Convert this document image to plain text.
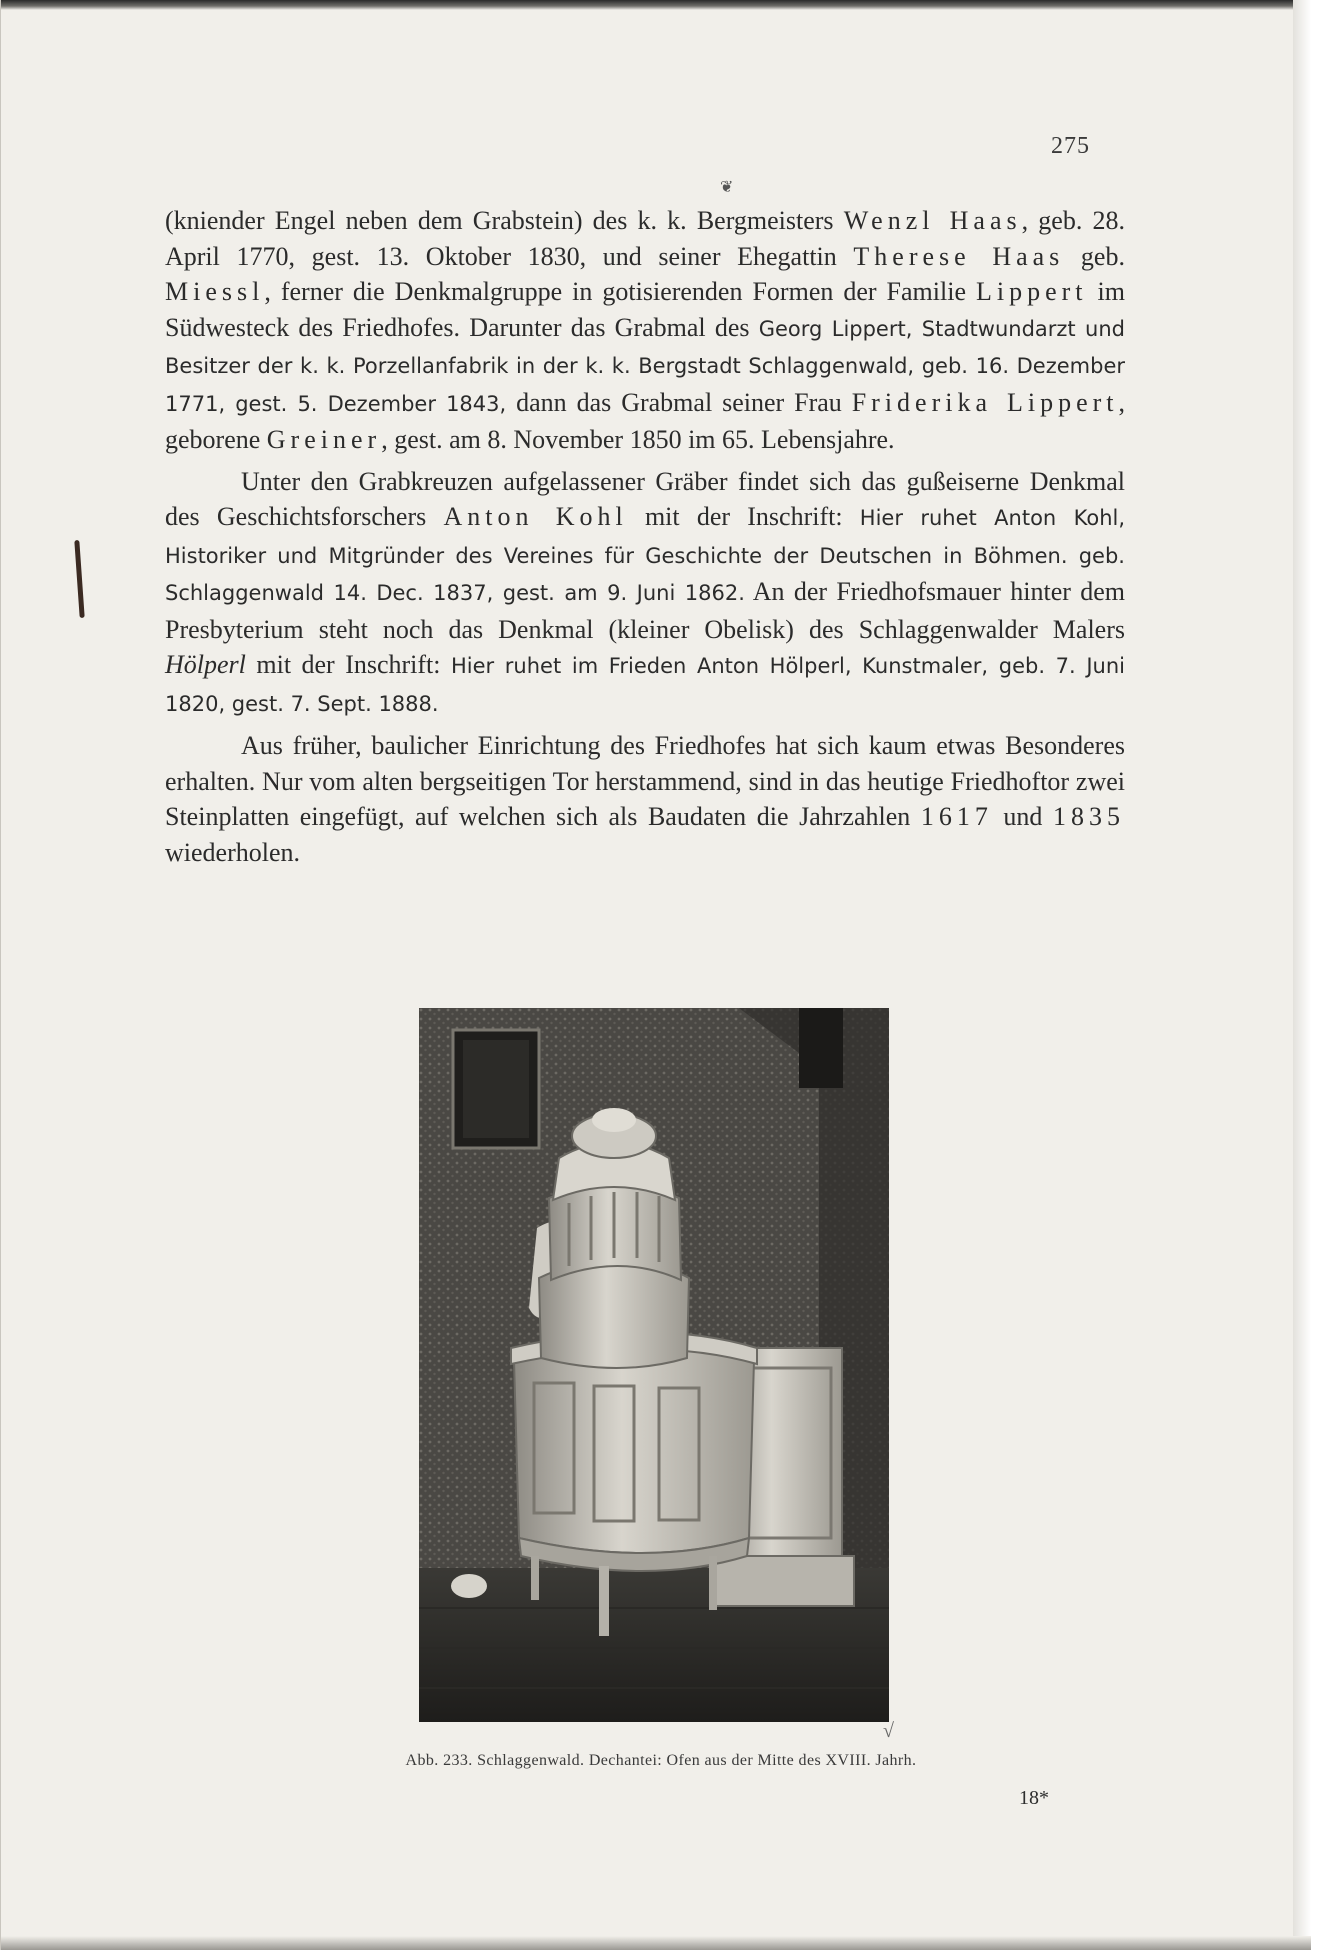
275
❦

(kniender Engel neben dem Grabstein) des k. k. Bergmeisters Wenzl Haas, geb. 28. April 1770, gest. 13. Oktober 1830, und seiner Ehegattin Therese Haas geb. Miessl, ferner die Denkmalgruppe in gotisierenden Formen der Familie Lippert im Südwesteck des Friedhofes. Darunter das Grabmal des Georg Lippert, Stadtwundarzt und Besitzer der k. k. Porzellanfabrik in der k. k. Bergstadt Schlaggenwald, geb. 16. Dezember 1771, gest. 5. Dezember 1843, dann das Grabmal seiner Frau Friderika Lippert, geborene Greiner, gest. am 8. November 1850 im 65. Lebensjahre.

Unter den Grabkreuzen aufgelassener Gräber findet sich das gußeiserne Denkmal des Geschichtsforschers Anton Kohl mit der Inschrift: Hier ruhet Anton Kohl, Historiker und Mitgründer des Vereines für Geschichte der Deutschen in Böhmen. geb. Schlaggenwald 14. Dec. 1837, gest. am 9. Juni 1862. An der Friedhofsmauer hinter dem Presbyterium steht noch das Denkmal (kleiner Obelisk) des Schlaggenwalder Malers Hölperl mit der Inschrift: Hier ruhet im Frieden Anton Hölperl, Kunstmaler, geb. 7. Juni 1820, gest. 7. Sept. 1888.

Aus früher, baulicher Einrichtung des Friedhofes hat sich kaum etwas Besonderes erhalten. Nur vom alten bergseitigen Tor herstammend, sind in das heutige Friedhoftor zwei Steinplatten eingefügt, auf welchen sich als Baudaten die Jahrzahlen 1617 und 1835 wiederholen.

√
Abb. 233. Schlaggenwald. Dechantei: Ofen aus der Mitte des XVIII. Jahrh.
18*
